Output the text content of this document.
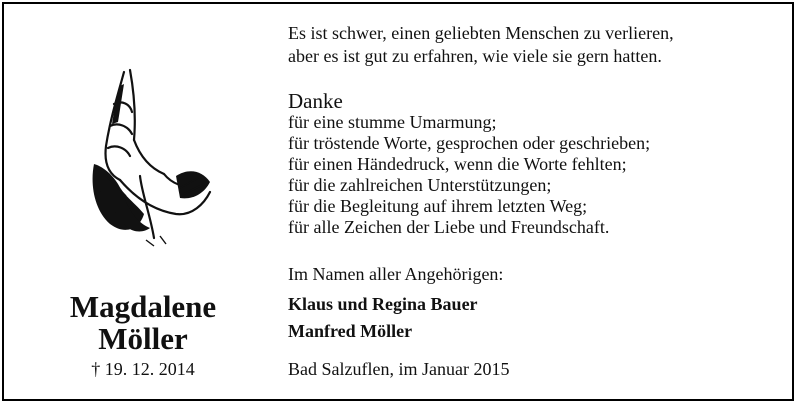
Es ist schwer, einen geliebten Menschen zu verlieren,
aber es ist gut zu erfahren, wie viele sie gern hatten.
Danke
für eine stumme Umarmung;
für tröstende Worte, gesprochen oder geschrieben;
für einen Händedruck, wenn die Worte fehlten;
für die zahlreichen Unterstützungen;
für die Begleitung auf ihrem letzten Weg;
für alle Zeichen der Liebe und Freundschaft.
Im Namen aller Angehörigen:
Klaus und Regina Bauer
Manfred Möller
Bad Salzuflen, im Januar 2015
Magdalene
Möller
† 19. 12. 2014
